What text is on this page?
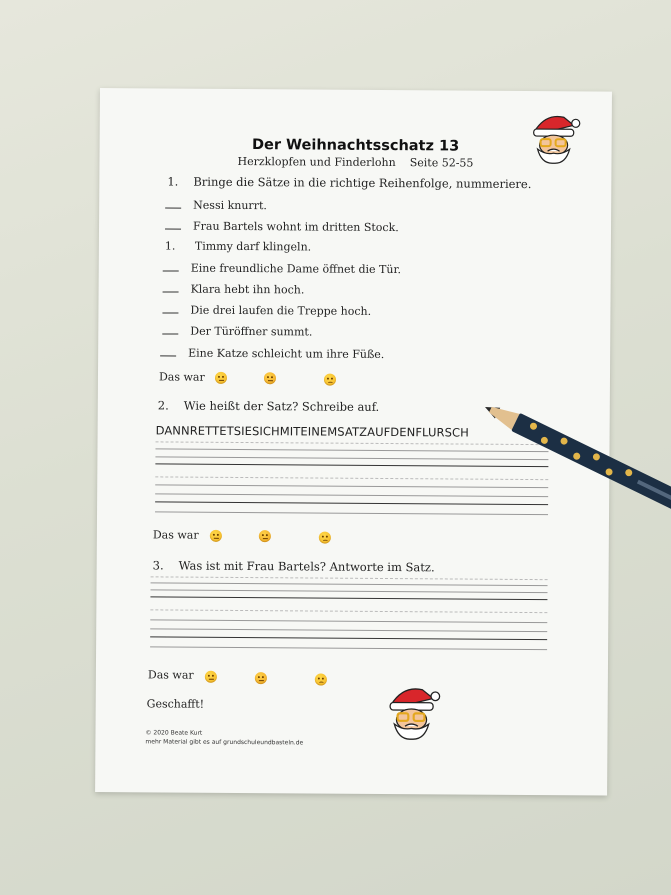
Der Weihnachtsschatz 13
Herzklopfen und Finderlohn    Seite 52-55
1. Bringe die Sätze in die richtige Reihenfolge, nummeriere.
Nessi knurrt.
Frau Bartels wohnt im dritten Stock.
1. Timmy darf klingeln.
Eine freundliche Dame öffnet die Tür.
Klara hebt ihn hoch.
Die drei laufen die Treppe hoch.
Der Türöffner summt.
Eine Katze schleicht um ihre Füße.
Das war
2. Wie heißt der Satz? Schreibe auf.
DANNRETTETSIESICHMITEINEMSATZAUFDENFLURSCH
Das war
3. Was ist mit Frau Bartels? Antworte im Satz.
Das war
Geschafft!
© 2020 Beate Kurt
mehr Material gibt es auf grundschuleundbasteln.de
